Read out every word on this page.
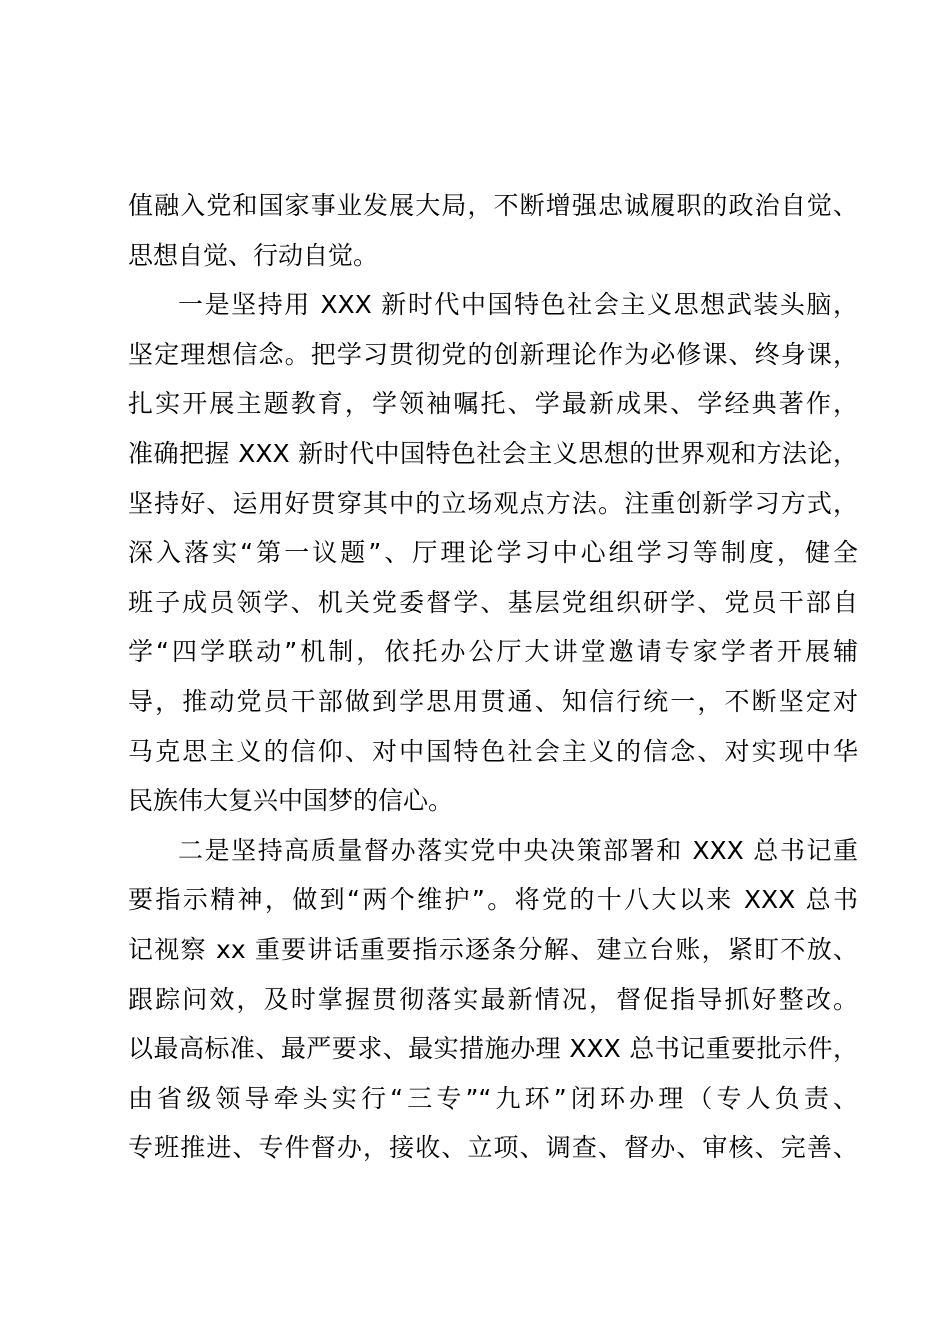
值融入党和国家事业发展大局，不断增强忠诚履职的政治自觉、
思想自觉、行动自觉。
一是坚持用 XXX 新时代中国特色社会主义思想武装头脑，
坚定理想信念。把学习贯彻党的创新理论作为必修课、终身课，
扎实开展主题教育，学领袖嘱托、学最新成果、学经典著作，
准确把握 XXX 新时代中国特色社会主义思想的世界观和方法论，
坚持好、运用好贯穿其中的立场观点方法。注重创新学习方式，
深入落实“第一议题”、厅理论学习中心组学习等制度，健全
班子成员领学、机关党委督学、基层党组织研学、党员干部自
学“四学联动”机制，依托办公厅大讲堂邀请专家学者开展辅
导，推动党员干部做到学思用贯通、知信行统一，不断坚定对
马克思主义的信仰、对中国特色社会主义的信念、对实现中华
民族伟大复兴中国梦的信心。
二是坚持高质量督办落实党中央决策部署和 XXX 总书记重
要指示精神，做到“两个维护”。将党的十八大以来 XXX 总书
记视察 xx 重要讲话重要指示逐条分解、建立台账，紧盯不放、
跟踪问效，及时掌握贯彻落实最新情况，督促指导抓好整改。
以最高标准、最严要求、最实措施办理 XXX 总书记重要批示件，
由省级领导牵头实行“三专”“九环”闭环办理（专人负责、
专班推进、专件督办，接收、立项、调查、督办、审核、完善、
